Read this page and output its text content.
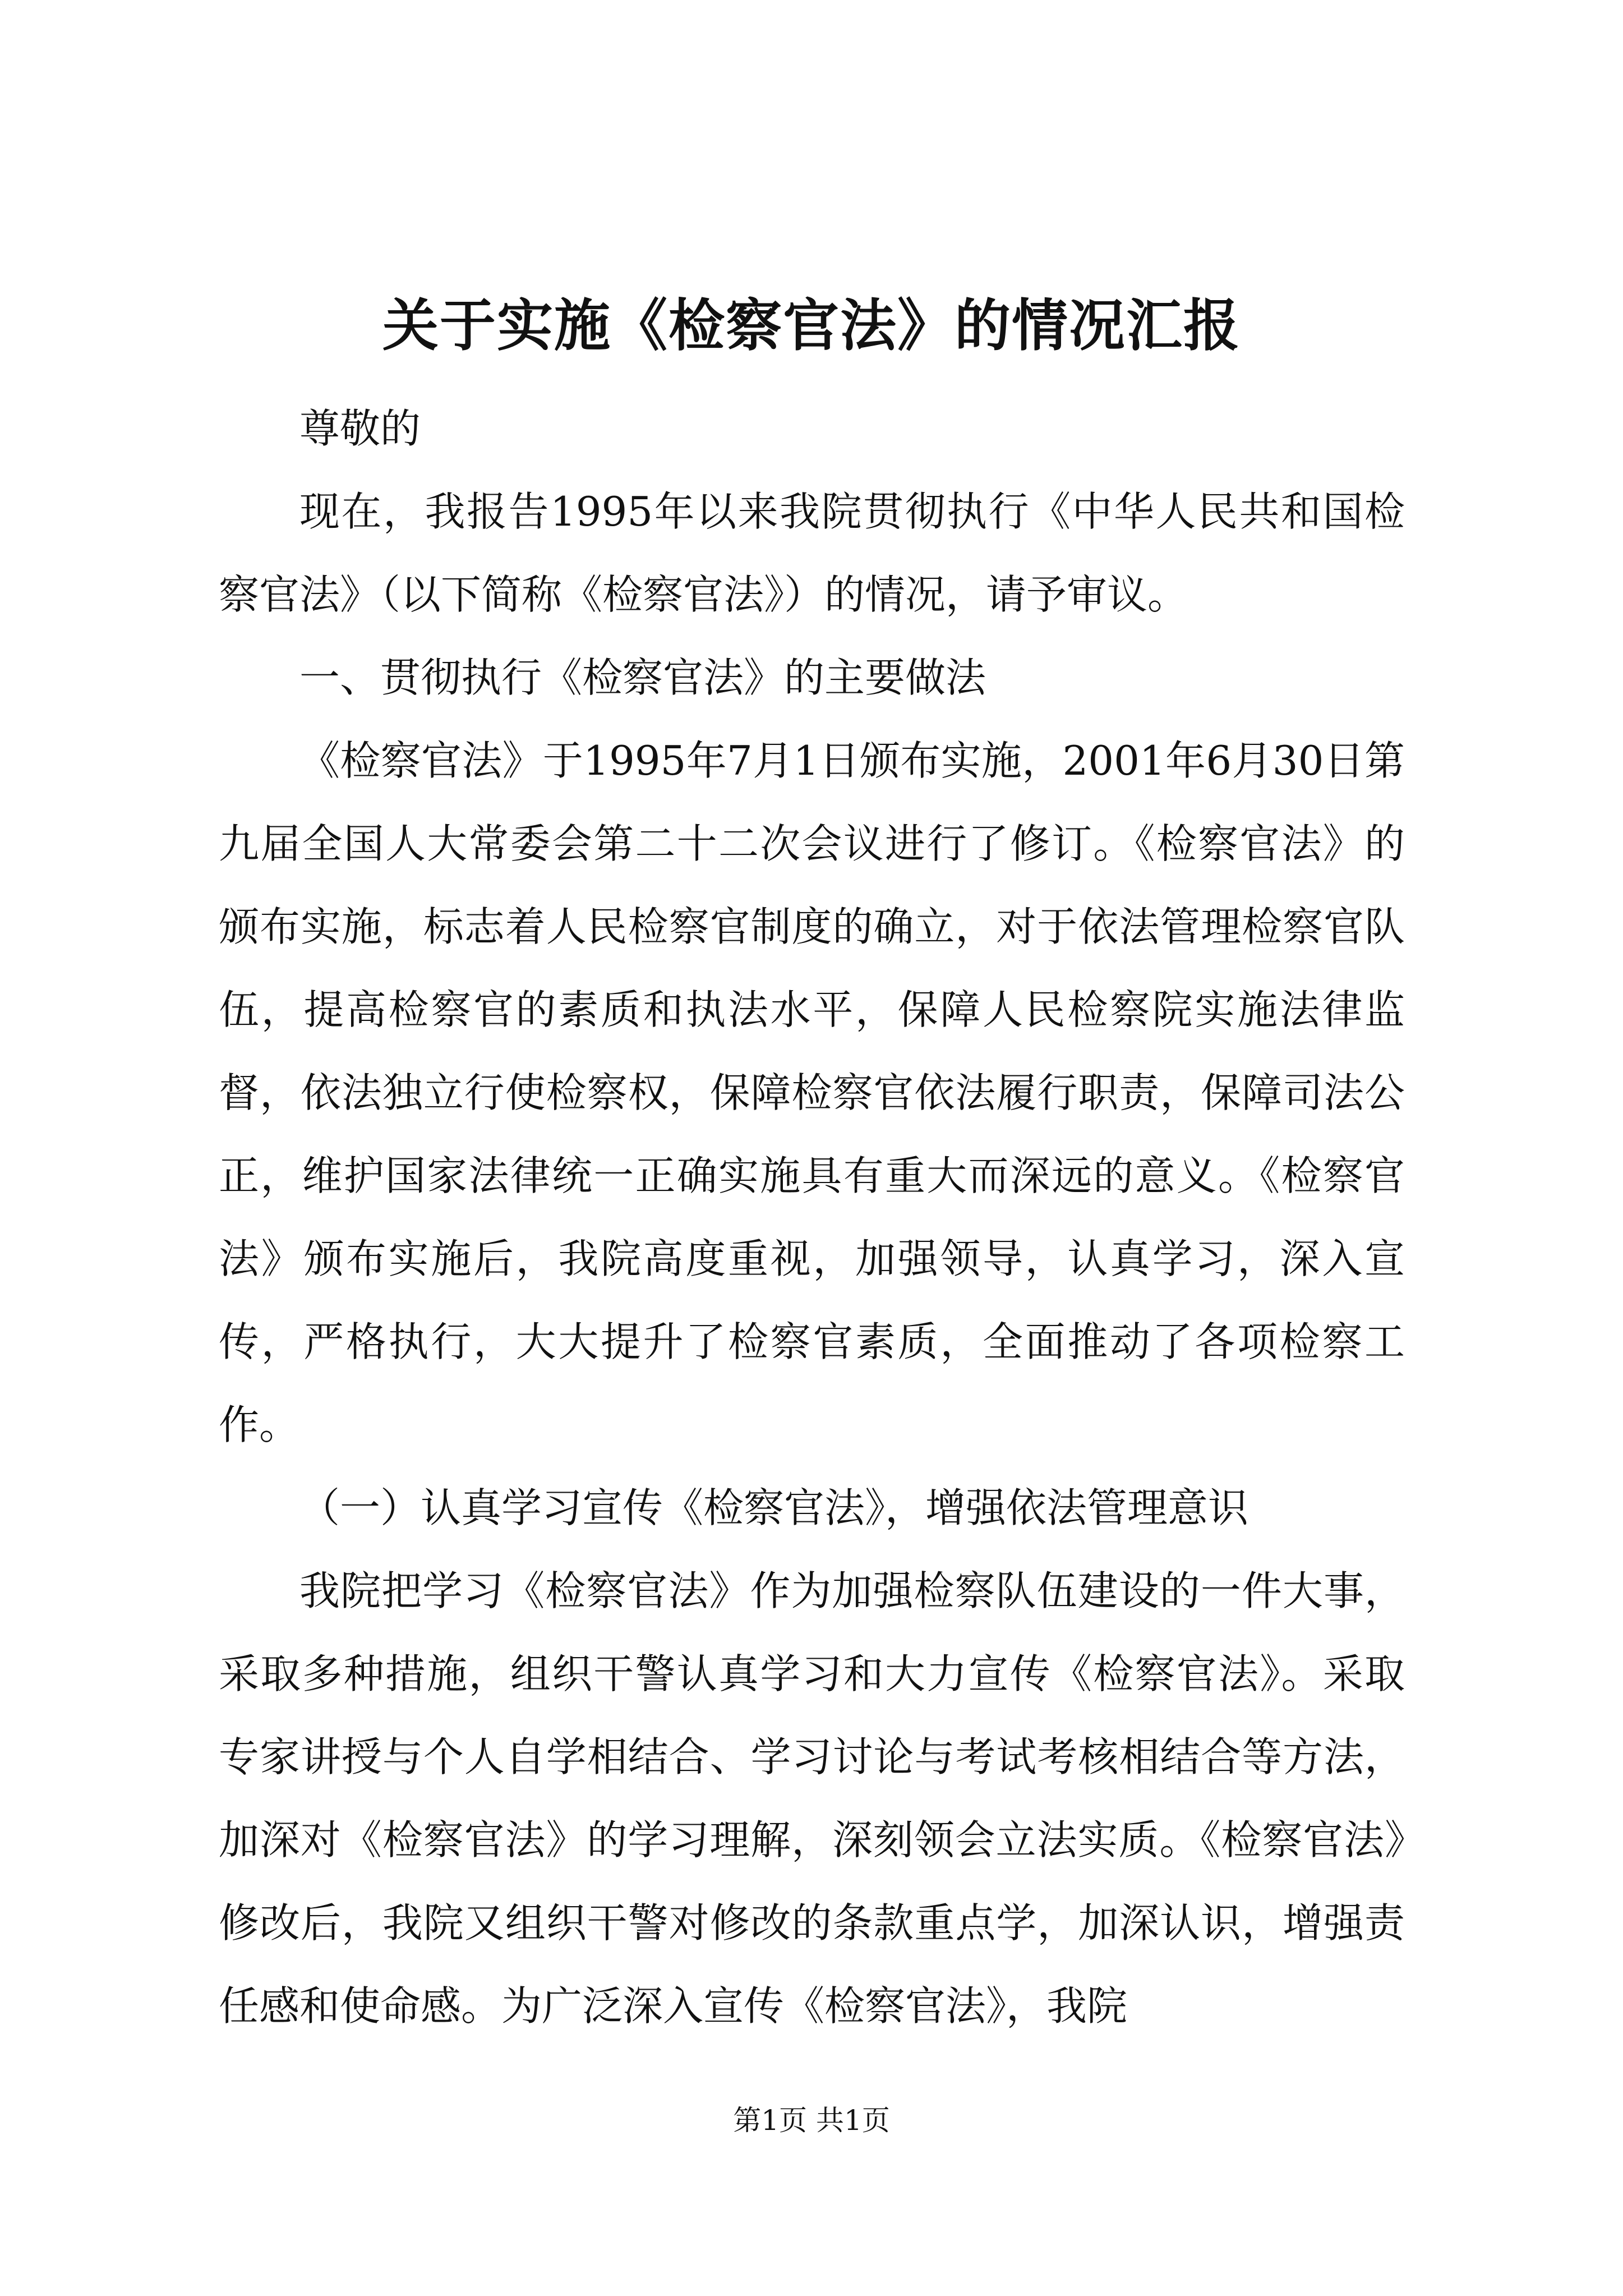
关于实施《检察官法》的情况汇报

尊敬的

现在，我报告1995年以来我院贯彻执行《中华人民共和国检察官法》（以下简称《检察官法》）的情况，请予审议。

一、贯彻执行《检察官法》的主要做法

《检察官法》于1995年7月1日颁布实施，2001年6月30日第九届全国人大常委会第二十二次会议进行了修订。《检察官法》的颁布实施，标志着人民检察官制度的确立，对于依法管理检察官队伍，提高检察官的素质和执法水平，保障人民检察院实施法律监督，依法独立行使检察权，保障检察官依法履行职责，保障司法公正，维护国家法律统一正确实施具有重大而深远的意义。《检察官法》颁布实施后，我院高度重视，加强领导，认真学习，深入宣传，严格执行，大大提升了检察官素质，全面推动了各项检察工作。

（一）认真学习宣传《检察官法》，增强依法管理意识

我院把学习《检察官法》作为加强检察队伍建设的一件大事，采取多种措施，组织干警认真学习和大力宣传《检察官法》。采取专家讲授与个人自学相结合、学习讨论与考试考核相结合等方法，加深对《检察官法》的学习理解，深刻领会立法实质。《检察官法》修改后，我院又组织干警对修改的条款重点学，加深认识，增强责任感和使命感。为广泛深入宣传《检察官法》，我院

第1页 共1页
